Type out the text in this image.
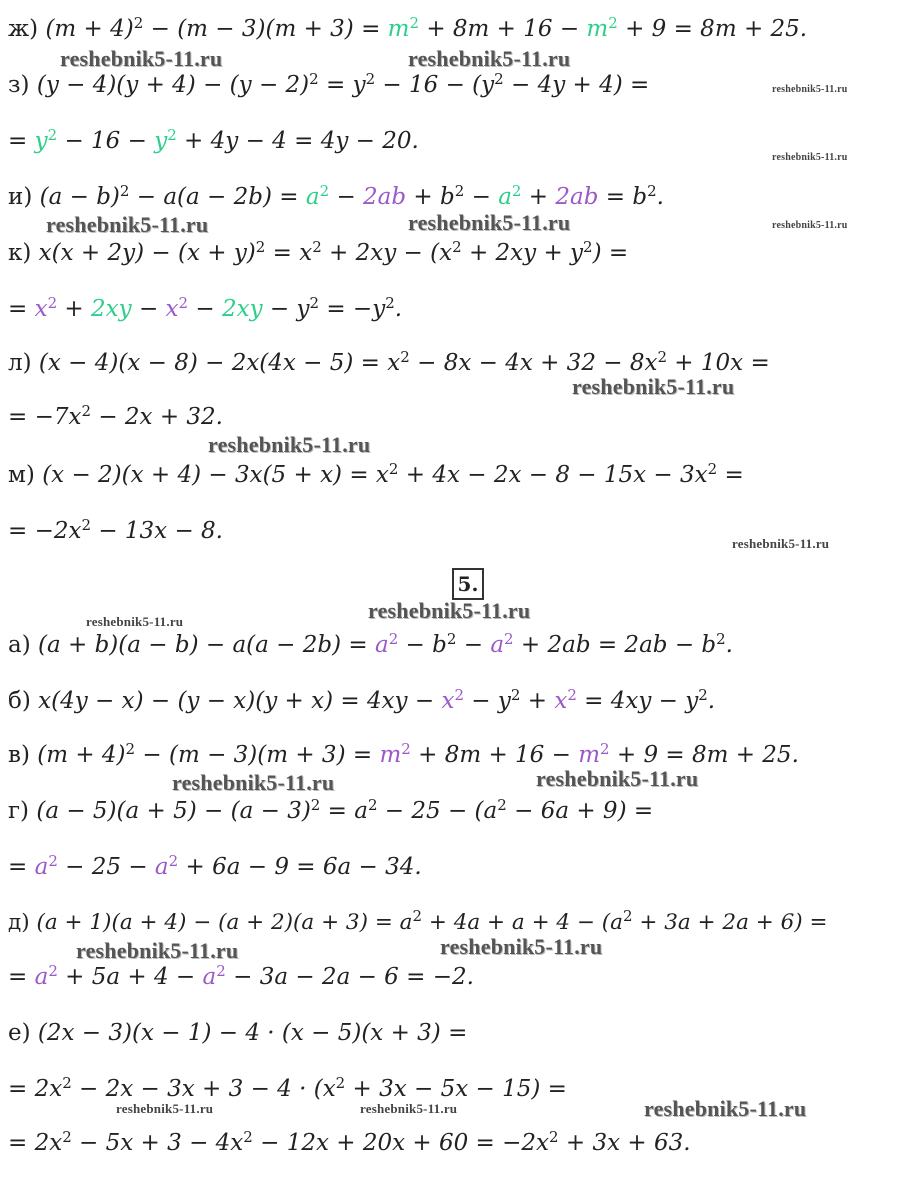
ж) $(m + 4)^2 - (m - 3)(m + 3) = m^2 + 8m + 16 - m^2 + 9 = 8m + 25$.
з) $(y - 4)(y + 4) - (y - 2)^2 = y^2 - 16 - (y^2 - 4y + 4)$ =
= $y^2 - 16 - y^2 + 4y - 4 = 4y - 20$.
и) $(a - b)^2 - a(a - 2b) = a^2 - 2ab + b^2 - a^2 + 2ab = b^2$.
к) $x(x + 2y) - (x + y)^2 = x^2 + 2xy - (x^2 + 2xy + y^2)$ =
= $x^2 + 2xy - x^2 - 2xy - y^2 = -y^2$.
л) $(x - 4)(x - 8) - 2x(4x - 5) = x^2 - 8x - 4x + 32 - 8x^2 + 10x$ =
= $-7x^2 - 2x + 32$.
м) $(x - 2)(x + 4) - 3x(5 + x) = x^2 + 4x - 2x - 8 - 15x - 3x^2$ =
= $-2x^2 - 13x - 8$.
5.
а) $(a + b)(a - b) - a(a - 2b) = a^2 - b^2 - a^2 + 2ab = 2ab - b^2$.
б) $x(4y - x) - (y - x)(y + x) = 4xy - x^2 - y^2 + x^2 = 4xy - y^2$.
в) $(m + 4)^2 - (m - 3)(m + 3) = m^2 + 8m + 16 - m^2 + 9 = 8m + 25$.
г) $(a - 5)(a + 5) - (a - 3)^2 = a^2 - 25 - (a^2 - 6a + 9)$ =
= $a^2 - 25 - a^2 + 6a - 9 = 6a - 34$.
д) $(a + 1)(a + 4) - (a + 2)(a + 3) = a^2 + 4a + a + 4 - (a^2 + 3a + 2a + 6)$ =
= $a^2 + 5a + 4 - a^2 - 3a - 2a - 6 = -2$.
е) (2x − 3)(x − 1) − 4 · (x − 5)(x + 3) =
= $2x^2 - 2x - 3x + 3 - 4 \cdot (x^2 + 3x - 5x - 15)$ =
= $2x^2 - 5x + 3 - 4x^2 - 12x + 20x + 60 = -2x^2 + 3x + 63$.
reshebnik5-11.ru	reshebnik5-11.ru
reshebnik5-11.ru
reshebnik5-11.ru
reshebnik5-11.ru	reshebnik5-11.ru	reshebnik5-11.ru
reshebnik5-11.ru
reshebnik5-11.ru
reshebnik5-11.ru
reshebnik5-11.ru	reshebnik5-11.ru
reshebnik5-11.ru	reshebnik5-11.ru
reshebnik5-11.ru	reshebnik5-11.ru
reshebnik5-11.ru	reshebnik5-11.ru	reshebnik5-11.ru
